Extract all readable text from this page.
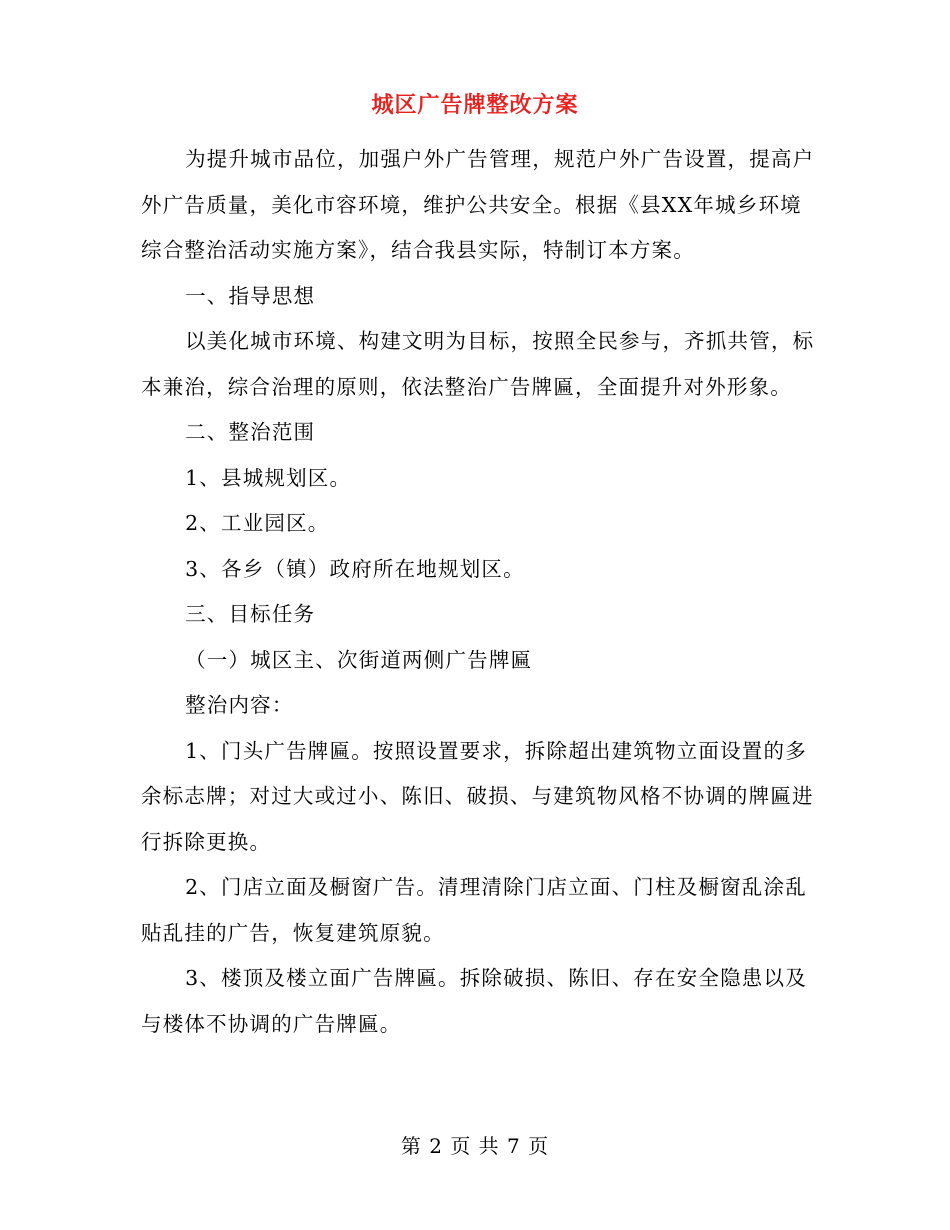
城区广告牌整改方案

为提升城市品位，加强户外广告管理，规范户外广告设置，提高户外广告质量，美化市容环境，维护公共安全。根据《县XX年城乡环境综合整治活动实施方案》，结合我县实际，特制订本方案。

一、指导思想

以美化城市环境、构建文明为目标，按照全民参与，齐抓共管，标本兼治，综合治理的原则，依法整治广告牌匾，全面提升对外形象。

二、整治范围

1、县城规划区。

2、工业园区。

3、各乡（镇）政府所在地规划区。

三、目标任务

（一）城区主、次街道两侧广告牌匾

整治内容：

1、门头广告牌匾。按照设置要求，拆除超出建筑物立面设置的多余标志牌；对过大或过小、陈旧、破损、与建筑物风格不协调的牌匾进行拆除更换。

2、门店立面及橱窗广告。清理清除门店立面、门柱及橱窗乱涂乱贴乱挂的广告，恢复建筑原貌。

3、楼顶及楼立面广告牌匾。拆除破损、陈旧、存在安全隐患以及与楼体不协调的广告牌匾。

第 2 页 共 7 页
